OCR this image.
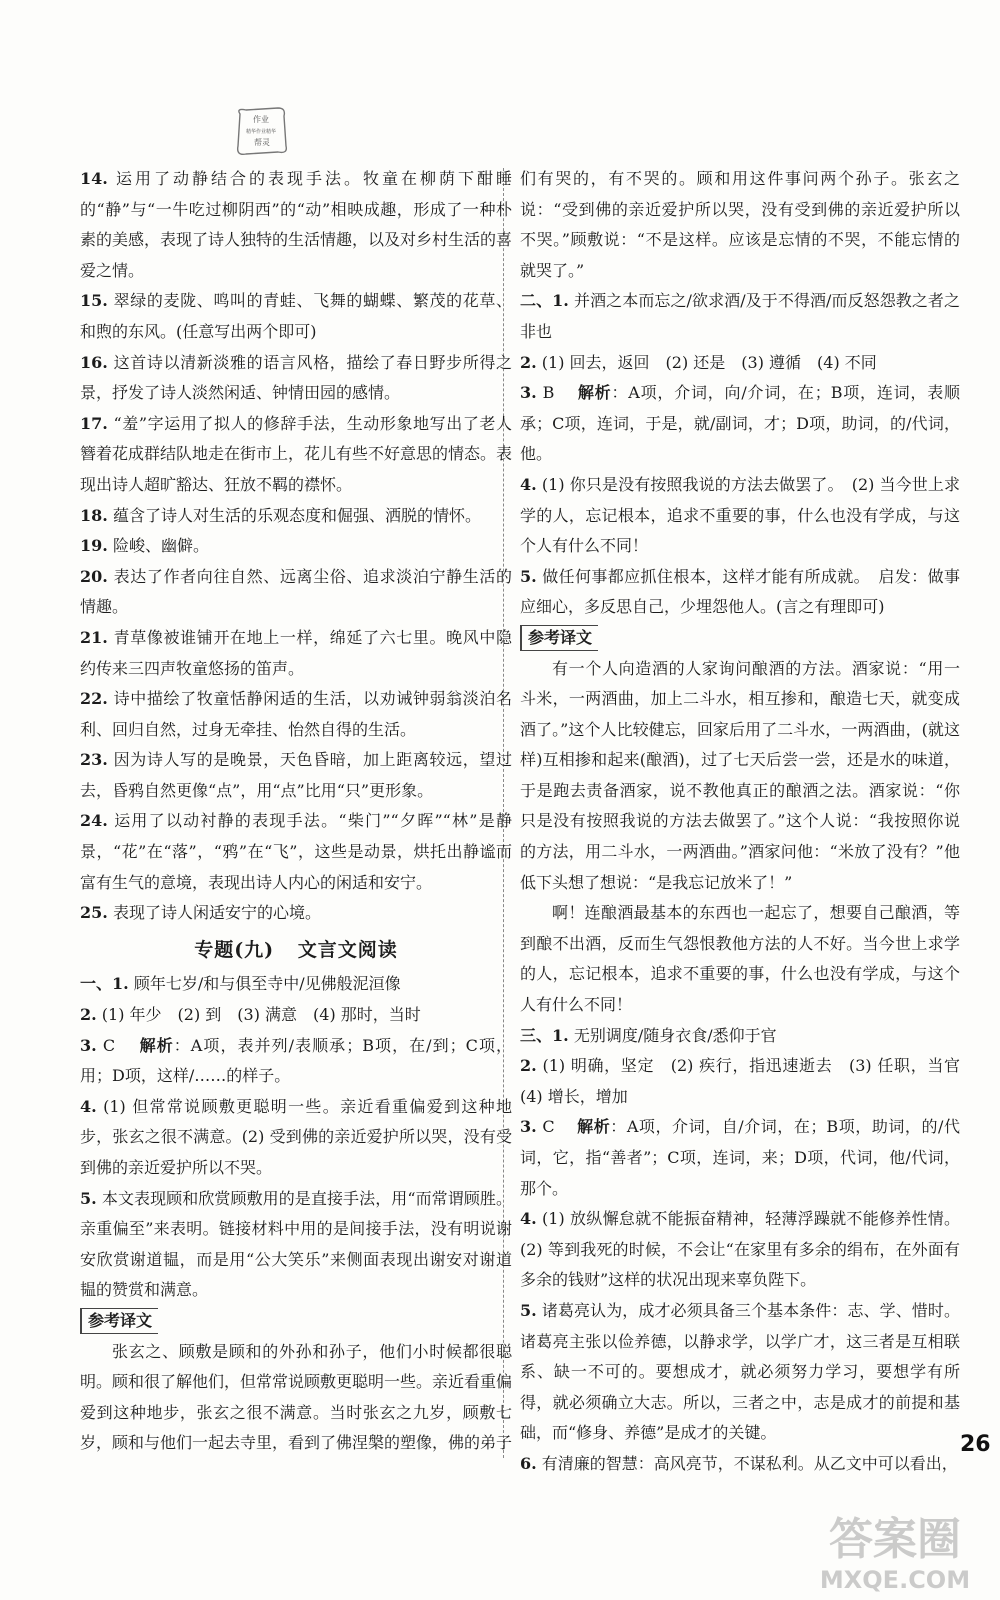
作业
精华作业精华
帮灵

14. 运用了动静结合的表现手法。牧童在柳荫下酣睡的“静”与“一牛吃过柳阴西”的“动”相映成趣，形成了一种朴素的美感，表现了诗人独特的生活情趣，以及对乡村生活的喜爱之情。

15. 翠绿的麦陇、鸣叫的青蛙、飞舞的蝴蝶、繁茂的花草、和煦的东风。(任意写出两个即可)

16. 这首诗以清新淡雅的语言风格，描绘了春日野步所得之景，抒发了诗人淡然闲适、钟情田园的感情。

17. “羞”字运用了拟人的修辞手法，生动形象地写出了老人簪着花成群结队地走在街市上，花儿有些不好意思的情态。表现出诗人超旷豁达、狂放不羁的襟怀。

18. 蕴含了诗人对生活的乐观态度和倔强、洒脱的情怀。

19. 险峻、幽僻。

20. 表达了作者向往自然、远离尘俗、追求淡泊宁静生活的情趣。

21. 青草像被谁铺开在地上一样，绵延了六七里。晚风中隐约传来三四声牧童悠扬的笛声。

22. 诗中描绘了牧童恬静闲适的生活，以劝诫钟弱翁淡泊名利、回归自然，过身无牵挂、怡然自得的生活。

23. 因为诗人写的是晚景，天色昏暗，加上距离较远，望过去，昏鸦自然更像“点”，用“点”比用“只”更形象。

24. 运用了以动衬静的表现手法。“柴门”“夕晖”“林”是静景，“花”在“落”，“鸦”在“飞”，这些是动景，烘托出静谧而富有生气的意境，表现出诗人内心的闲适和安宁。

25. 表现了诗人闲适安宁的心境。

专题(九) 文言文阅读

一、1. 顾年七岁/和与俱至寺中/见佛般泥洹像

2. (1) 年少　(2) 到　(3) 满意　(4) 那时，当时

3. C 解析：A项，表并列/表顺承；B项，在/到；C项，用；D项，这样/……的样子。

4. (1) 但常常说顾敷更聪明一些。亲近看重偏爱到这种地步，张玄之很不满意。(2) 受到佛的亲近爱护所以哭，没有受到佛的亲近爱护所以不哭。

5. 本文表现顾和欣赏顾敷用的是直接手法，用“而常谓顾胜。亲重偏至”来表明。链接材料中用的是间接手法，没有明说谢安欣赏谢道韫，而是用“公大笑乐”来侧面表现出谢安对谢道韫的赞赏和满意。

参考译文

张玄之、顾敷是顾和的外孙和孙子，他们小时候都很聪明。顾和很了解他们，但常常说顾敷更聪明一些。亲近看重偏爱到这种地步，张玄之很不满意。当时张玄之九岁，顾敷七岁，顾和与他们一起去寺里，看到了佛涅槃的塑像，佛的弟子

们有哭的，有不哭的。顾和用这件事问两个孙子。张玄之说：“受到佛的亲近爱护所以哭，没有受到佛的亲近爱护所以不哭。”顾敷说：“不是这样。应该是忘情的不哭，不能忘情的就哭了。”

二、1. 并酒之本而忘之/欲求酒/及于不得酒/而反怒怨教之者之非也

2. (1) 回去，返回　(2) 还是　(3) 遵循　(4) 不同

3. B 解析：A项，介词，向/介词，在；B项，连词，表顺承；C项，连词，于是，就/副词，才；D项，助词，的/代词，他。

4. (1) 你只是没有按照我说的方法去做罢了。　(2) 当今世上求学的人，忘记根本，追求不重要的事，什么也没有学成，与这个人有什么不同！

5. 做任何事都应抓住根本，这样才能有所成就。　启发：做事应细心，多反思自己，少埋怨他人。(言之有理即可)

参考译文

有一个人向造酒的人家询问酿酒的方法。酒家说：“用一斗米，一两酒曲，加上二斗水，相互掺和，酿造七天，就变成酒了。”这个人比较健忘，回家后用了二斗水，一两酒曲，(就这样)互相掺和起来(酿酒)，过了七天后尝一尝，还是水的味道，于是跑去责备酒家，说不教他真正的酿酒之法。酒家说：“你只是没有按照我说的方法去做罢了。”这个人说：“我按照你说的方法，用二斗水，一两酒曲。”酒家问他：“米放了没有？”他低下头想了想说：“是我忘记放米了！”

啊！连酿酒最基本的东西也一起忘了，想要自己酿酒，等到酿不出酒，反而生气怨恨教他方法的人不好。当今世上求学的人，忘记根本，追求不重要的事，什么也没有学成，与这个人有什么不同！

三、1. 无别调度/随身衣食/悉仰于官

2. (1) 明确，坚定　(2) 疾行，指迅速逝去　(3) 任职，当官　(4) 增长，增加

3. C 解析：A项，介词，自/介词，在；B项，助词，的/代词，它，指“善者”；C项，连词，来；D项，代词，他/代词，那个。

4. (1) 放纵懈怠就不能振奋精神，轻薄浮躁就不能修养性情。(2) 等到我死的时候，不会让“在家里有多余的绢布，在外面有多余的钱财”这样的状况出现来辜负陛下。

5. 诸葛亮认为，成才必须具备三个基本条件：志、学、惜时。诸葛亮主张以俭养德，以静求学，以学广才，这三者是互相联系、缺一不可的。要想成才，就必须努力学习，要想学有所得，就必须确立大志。所以，三者之中，志是成才的前提和基础，而“修身、养德”是成才的关键。

6. 有清廉的智慧：高风亮节，不谋私利。从乙文中可以看出，

26
答案圈
MXQE.COM
